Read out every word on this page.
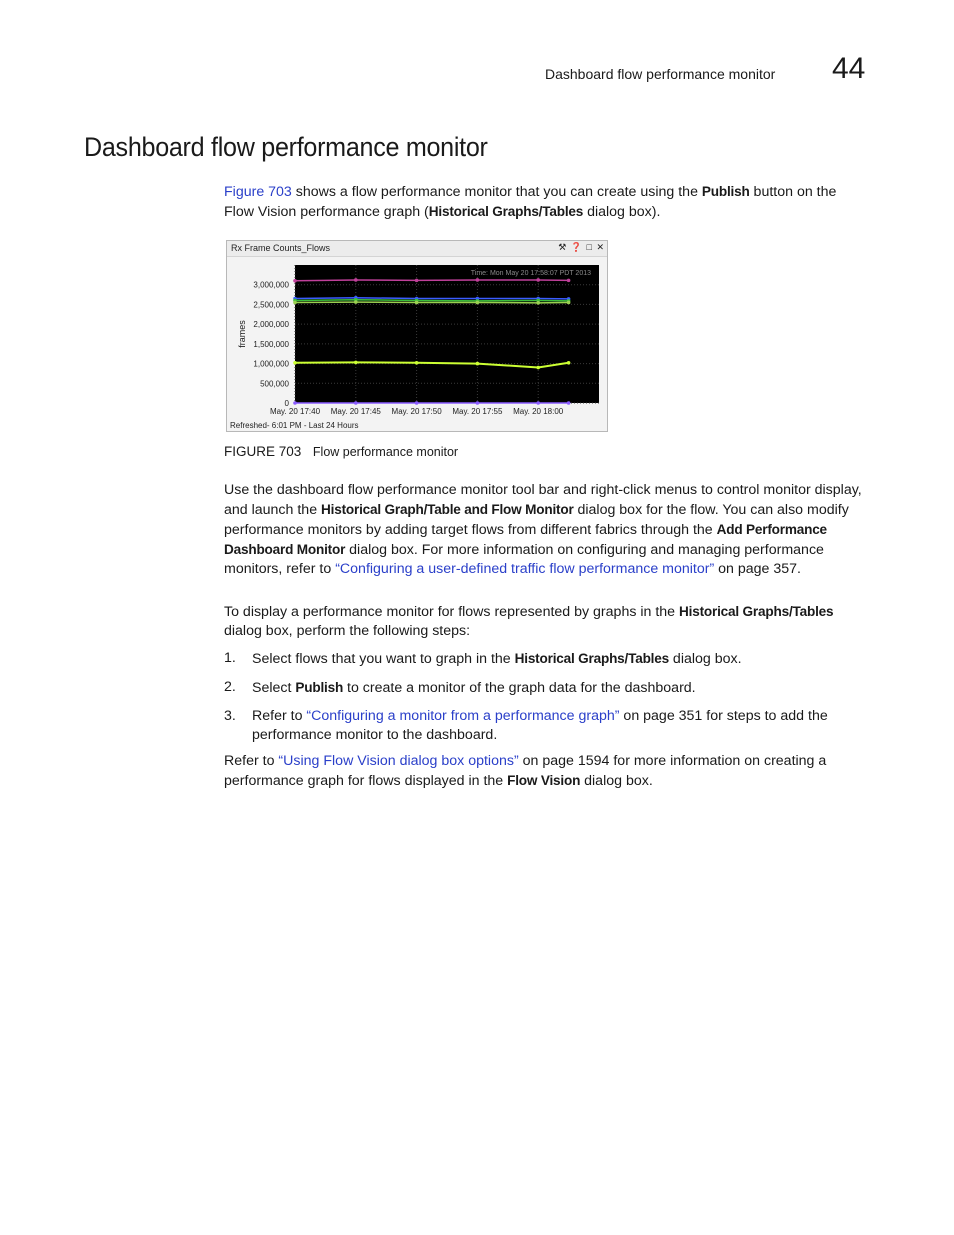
Dashboard flow performance monitor 44
Dashboard flow performance monitor

Figure 703 shows a flow performance monitor that you can create using the Publish button on the Flow Vision performance graph (Historical Graphs/Tables dialog box).

Rx Frame Counts_Flows	⚒ ❓ □ ✕
3,000,000
2,500,000
2,000,000
1,500,000
1,000,000
500,000
0
May. 20 17:40 May. 20 17:45 May. 20 17:50 May. 20 17:55 May. 20 18:00
frames
Time: Mon May 20 17:58:07 PDT 2013
Refreshed- 6:01 PM - Last 24 Hours
FIGURE 703 Flow performance monitor

Use the dashboard flow performance monitor tool bar and right-click menus to control monitor display, and launch the Historical Graph/Table and Flow Monitor dialog box for the flow. You can also modify performance monitors by adding target flows from different fabrics through the Add Performance Dashboard Monitor dialog box. For more information on configuring and managing performance monitors, refer to “Configuring a user-defined traffic flow performance monitor” on page 357.

To display a performance monitor for flows represented by graphs in the Historical Graphs/Tables dialog box, perform the following steps:

1. Select flows that you want to graph in the Historical Graphs/Tables dialog box.
2. Select Publish to create a monitor of the graph data for the dashboard.
3. Refer to “Configuring a monitor from a performance graph” on page 351 for steps to add the performance monitor to the dashboard.

Refer to “Using Flow Vision dialog box options” on page 1594 for more information on creating a performance graph for flows displayed in the Flow Vision dialog box.
